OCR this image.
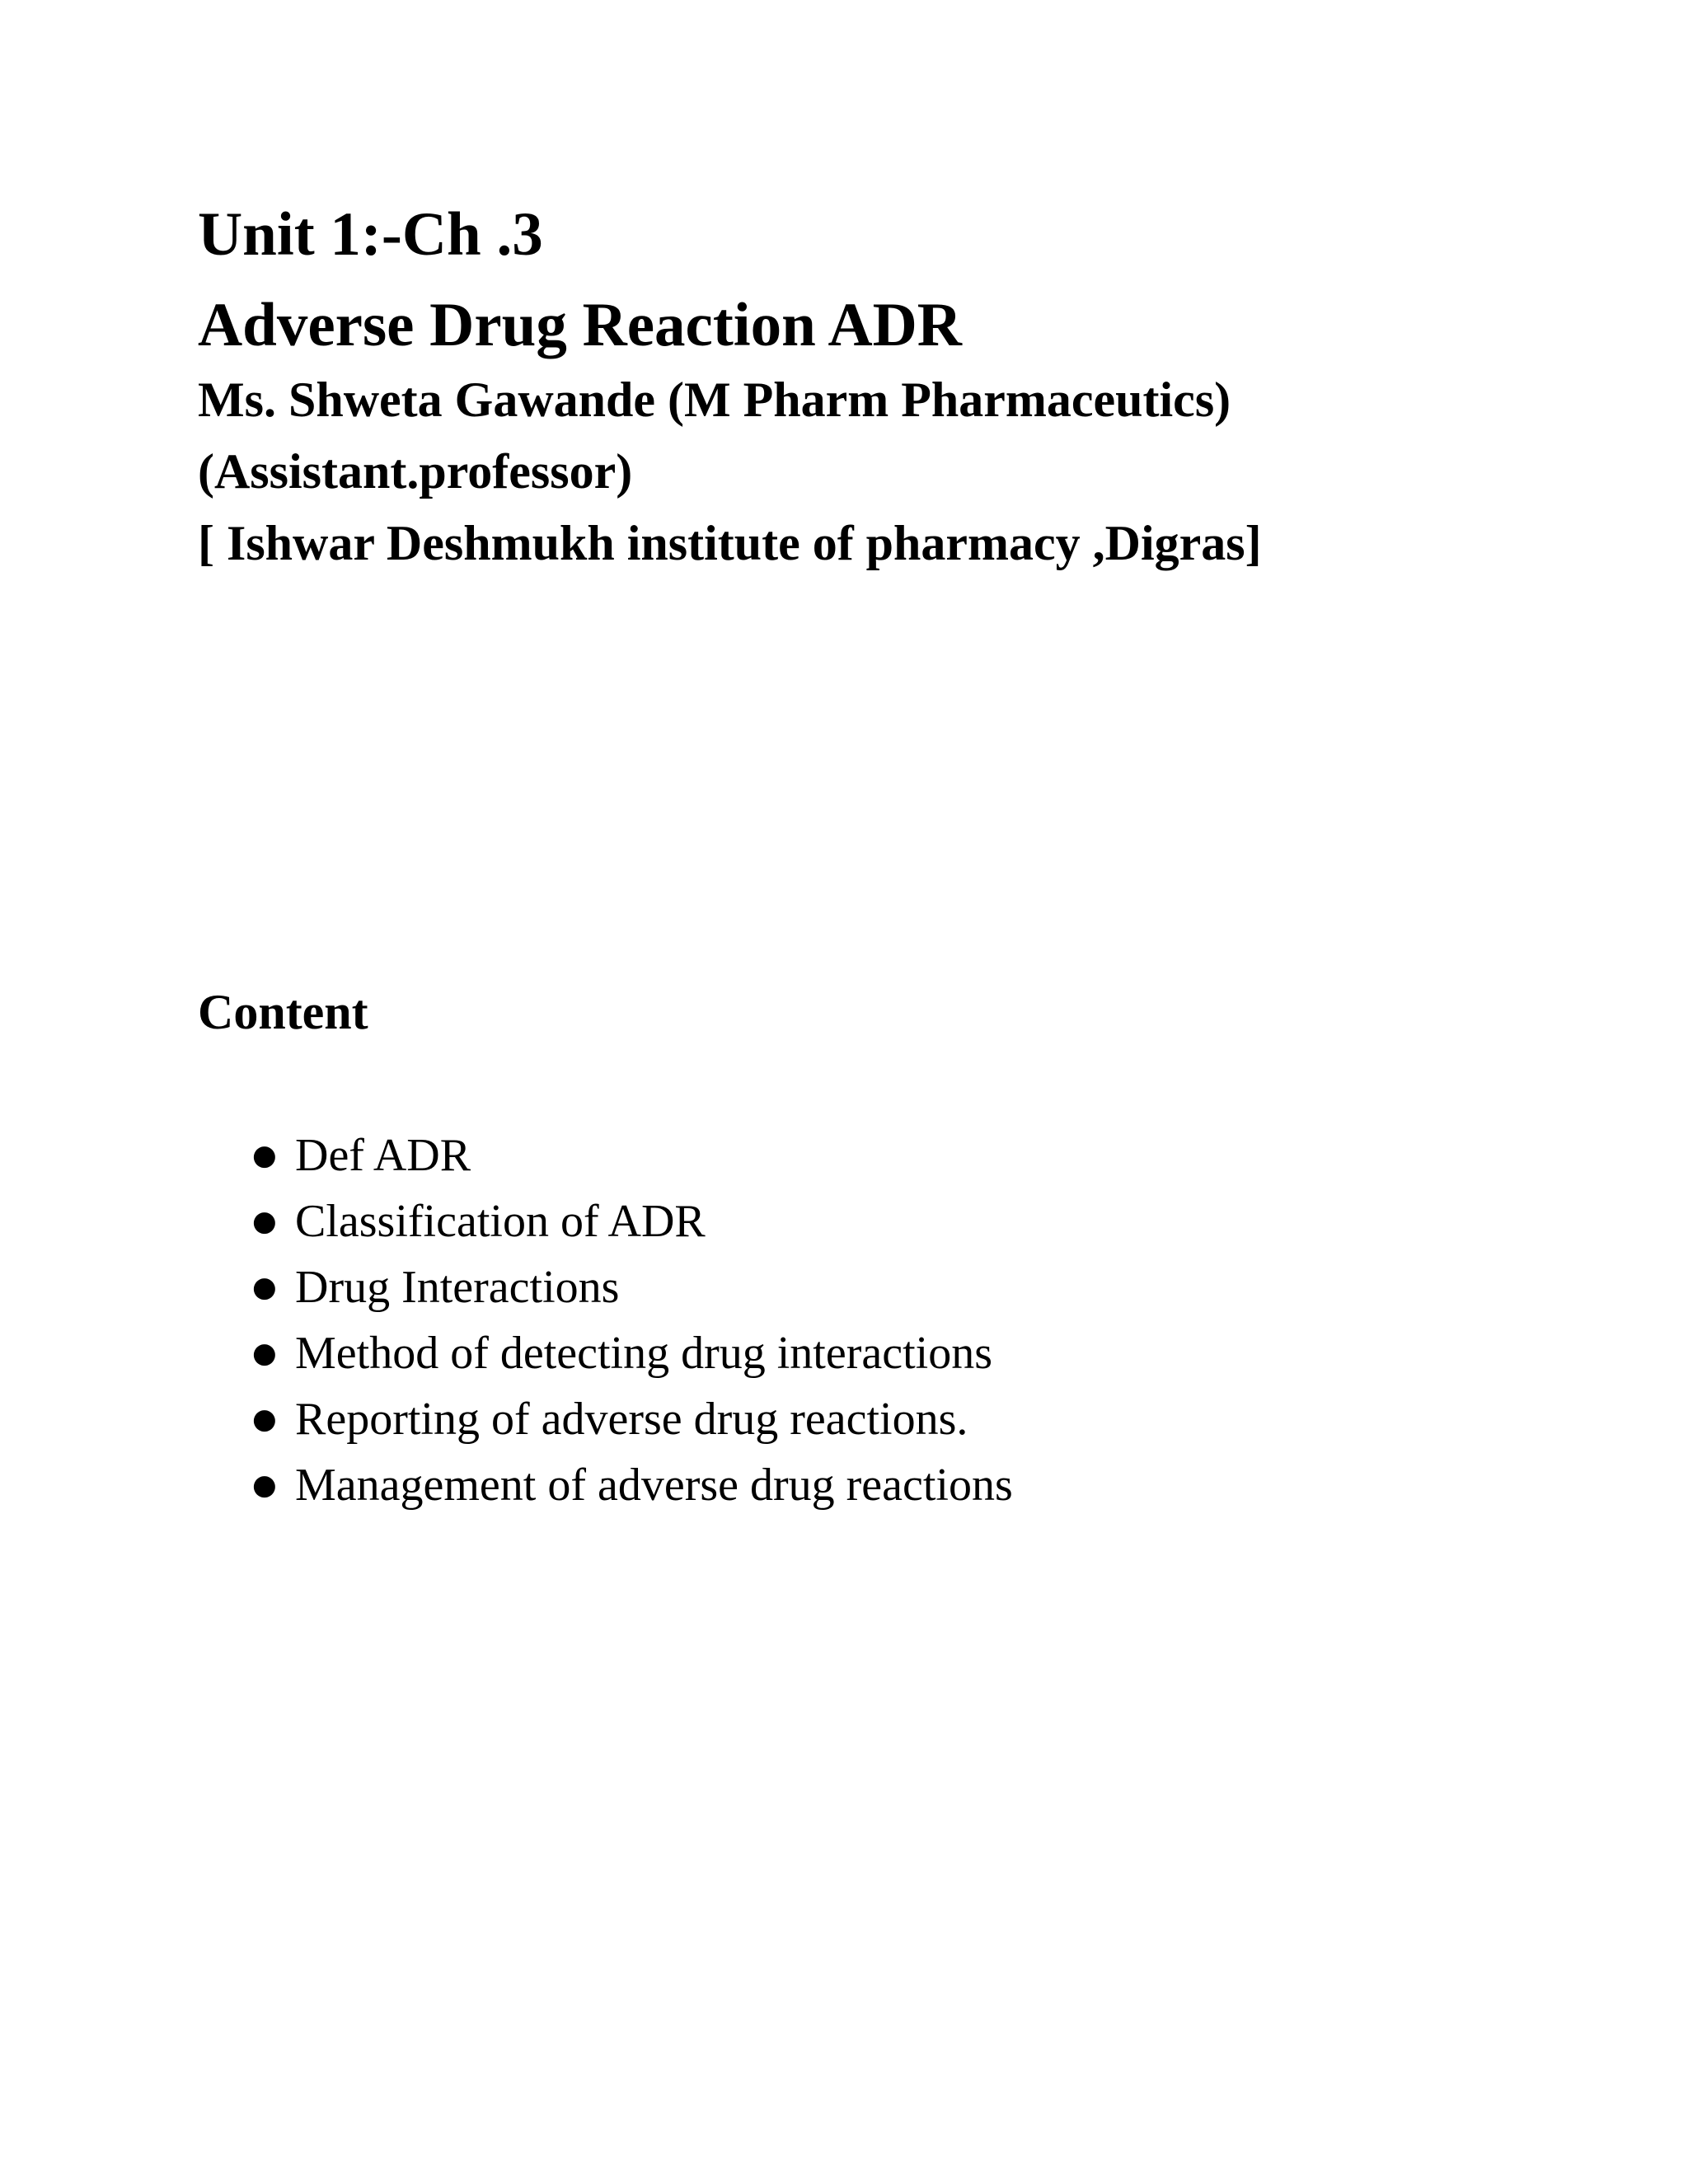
Unit 1:-Ch .3
Adverse Drug Reaction ADR
Ms. Shweta Gawande (M Pharm Pharmaceutics)
(Assistant.professor)
[ Ishwar Deshmukh institute of pharmacy ,Digras]
Content
● Def ADR
● Classification of ADR
● Drug Interactions
● Method of detecting drug interactions
● Reporting of adverse drug reactions.
● Management of adverse drug reactions
